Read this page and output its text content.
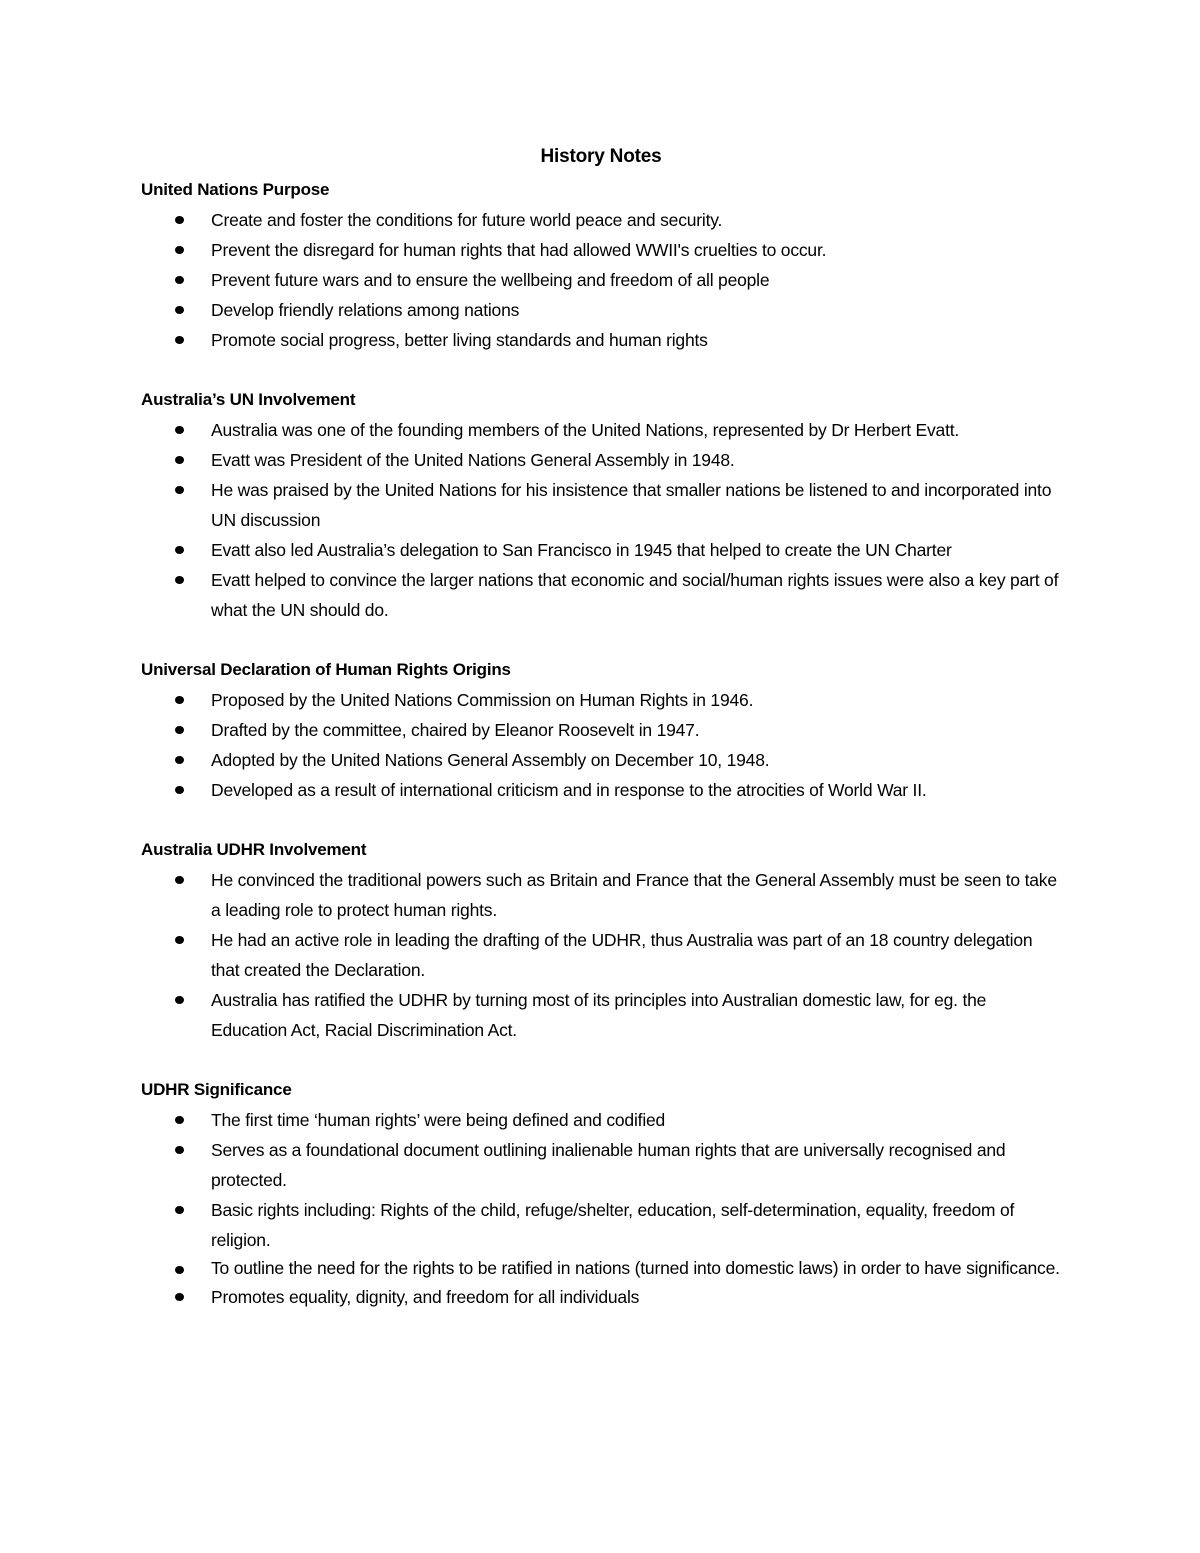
History Notes
United Nations Purpose
Create and foster the conditions for future world peace and security.
Prevent the disregard for human rights that had allowed WWII's cruelties to occur.
Prevent future wars and to ensure the wellbeing and freedom of all people
Develop friendly relations among nations
Promote social progress, better living standards and human rights
Australia’s UN Involvement
Australia was one of the founding members of the United Nations, represented by Dr Herbert Evatt.
Evatt was President of the United Nations General Assembly in 1948.
He was praised by the United Nations for his insistence that smaller nations be listened to and incorporated into UN discussion
Evatt also led Australia’s delegation to San Francisco in 1945 that helped to create the UN Charter
Evatt helped to convince the larger nations that economic and social/human rights issues were also a key part of what the UN should do.
Universal Declaration of Human Rights Origins
Proposed by the United Nations Commission on Human Rights in 1946.
Drafted by the committee, chaired by Eleanor Roosevelt in 1947.
Adopted by the United Nations General Assembly on December 10, 1948.
Developed as a result of international criticism and in response to the atrocities of World War II.
Australia UDHR Involvement
He convinced the traditional powers such as Britain and France that the General Assembly must be seen to take a leading role to protect human rights.
He had an active role in leading the drafting of the UDHR, thus Australia was part of an 18 country delegation that created the Declaration.
Australia has ratified the UDHR by turning most of its principles into Australian domestic law, for eg. the Education Act, Racial Discrimination Act.
UDHR Significance
The first time ‘human rights’ were being defined and codified
Serves as a foundational document outlining inalienable human rights that are universally recognised and protected.
Basic rights including: Rights of the child, refuge/shelter, education, self-determination, equality, freedom of religion.
To outline the need for the rights to be ratified in nations (turned into domestic laws) in order to have significance.
Promotes equality, dignity, and freedom for all individuals
